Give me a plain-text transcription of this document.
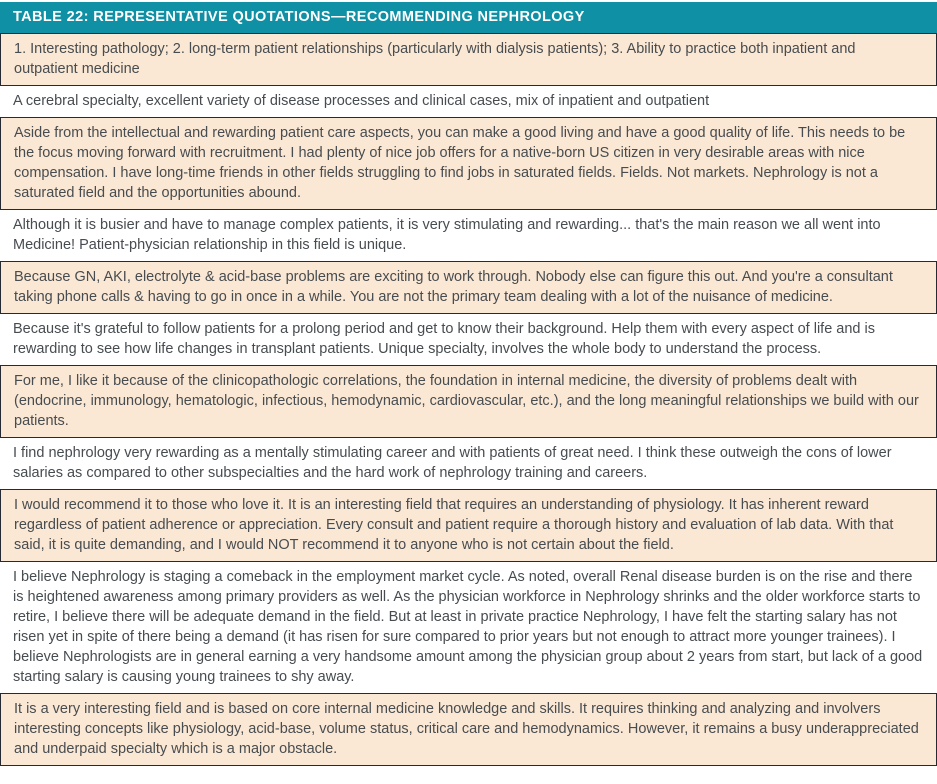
TABLE 22: REPRESENTATIVE QUOTATIONS—RECOMMENDING NEPHROLOGY
1. Interesting pathology; 2. long-term patient relationships (particularly with dialysis patients); 3. Ability to practice both inpatient and outpatient medicine
A cerebral specialty, excellent variety of disease processes and clinical cases, mix of inpatient and outpatient
Aside from the intellectual and rewarding patient care aspects, you can make a good living and have a good quality of life. This needs to be the focus moving forward with recruitment. I had plenty of nice job offers for a native-born US citizen in very desirable areas with nice compensation. I have long-time friends in other fields struggling to find jobs in saturated fields. Fields. Not markets. Nephrology is not a saturated field and the opportunities abound.
Although it is busier and have to manage complex patients, it is very stimulating and rewarding... that's the main reason we all went into Medicine! Patient-physician relationship in this field is unique.
Because GN, AKI, electrolyte & acid-base problems are exciting to work through. Nobody else can figure this out. And you're a consultant taking phone calls & having to go in once in a while. You are not the primary team dealing with a lot of the nuisance of medicine.
Because it's grateful to follow patients for a prolong period and get to know their background. Help them with every aspect of life and is rewarding to see how life changes in transplant patients. Unique specialty, involves the whole body to understand the process.
For me, I like it because of the clinicopathologic correlations, the foundation in internal medicine, the diversity of problems dealt with (endocrine, immunology, hematologic, infectious, hemodynamic, cardiovascular, etc.), and the long meaningful relationships we build with our patients.
I find nephrology very rewarding as a mentally stimulating career and with patients of great need. I think these outweigh the cons of lower salaries as compared to other subspecialties and the hard work of nephrology training and careers.
I would recommend it to those who love it. It is an interesting field that requires an understanding of physiology. It has inherent reward regardless of patient adherence or appreciation. Every consult and patient require a thorough history and evaluation of lab data. With that said, it is quite demanding, and I would NOT recommend it to anyone who is not certain about the field.
I believe Nephrology is staging a comeback in the employment market cycle. As noted, overall Renal disease burden is on the rise and there is heightened awareness among primary providers as well. As the physician workforce in Nephrology shrinks and the older workforce starts to retire, I believe there will be adequate demand in the field. But at least in private practice Nephrology, I have felt the starting salary has not risen yet in spite of there being a demand (it has risen for sure compared to prior years but not enough to attract more younger trainees). I believe Nephrologists are in general earning a very handsome amount among the physician group about 2 years from start, but lack of a good starting salary is causing young trainees to shy away.
It is a very interesting field and is based on core internal medicine knowledge and skills. It requires thinking and analyzing and involvers interesting concepts like physiology, acid-base, volume status, critical care and hemodynamics. However, it remains a busy underappreciated and underpaid specialty which is a major obstacle.
